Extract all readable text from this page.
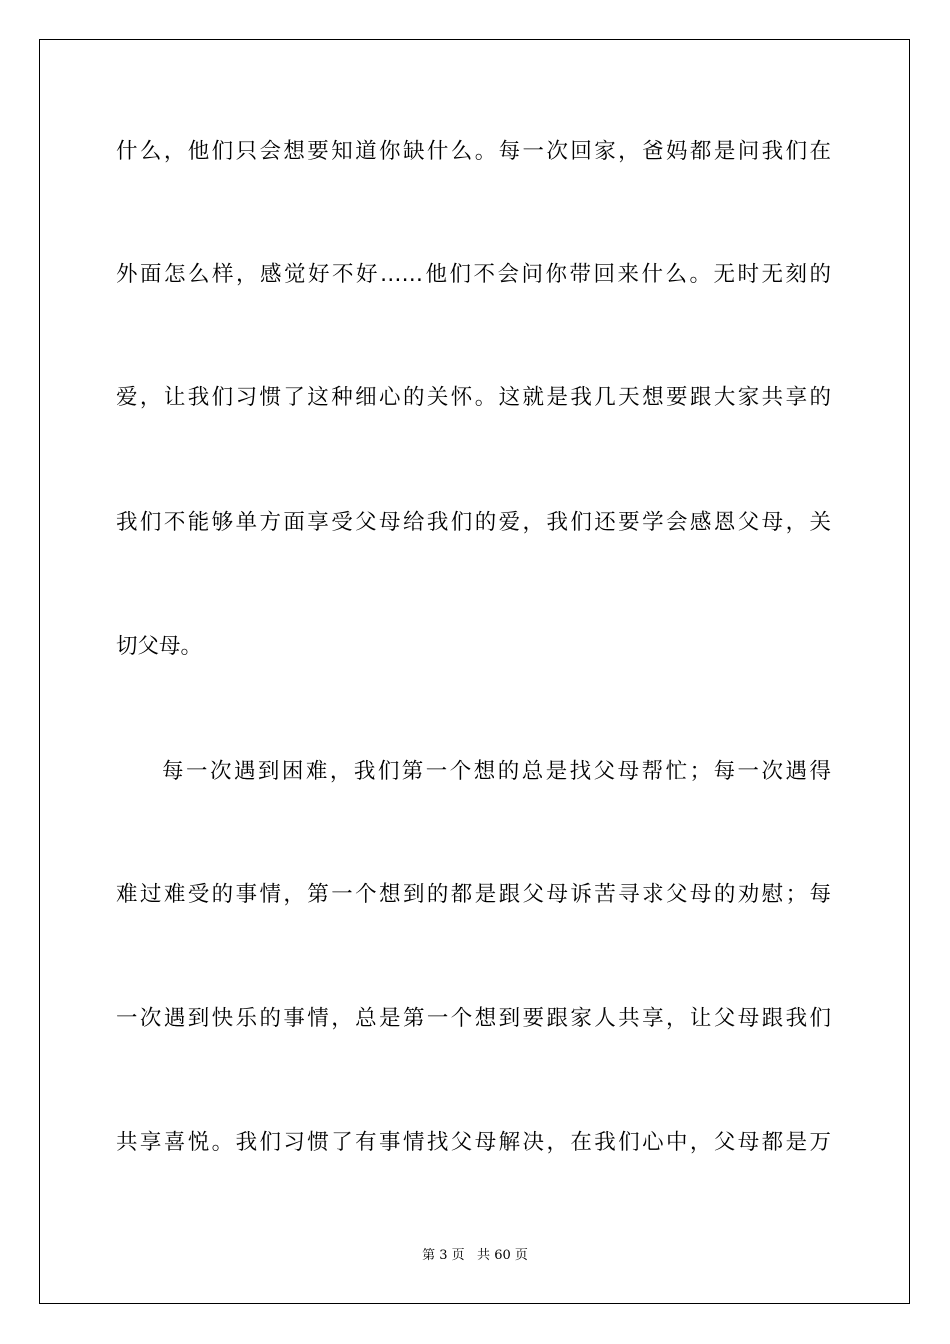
什么，他们只会想要知道你缺什么。每一次回家，爸妈都是问我们在
外面怎么样，感觉好不好……他们不会问你带回来什么。无时无刻的
爱，让我们习惯了这种细心的关怀。这就是我几天想要跟大家共享的
我们不能够单方面享受父母给我们的爱，我们还要学会感恩父母，关
切父母。
每一次遇到困难，我们第一个想的总是找父母帮忙；每一次遇得
难过难受的事情，第一个想到的都是跟父母诉苦寻求父母的劝慰；每
一次遇到快乐的事情，总是第一个想到要跟家人共享，让父母跟我们
共享喜悦。我们习惯了有事情找父母解决，在我们心中，父母都是万
第 3 页   共 60 页
